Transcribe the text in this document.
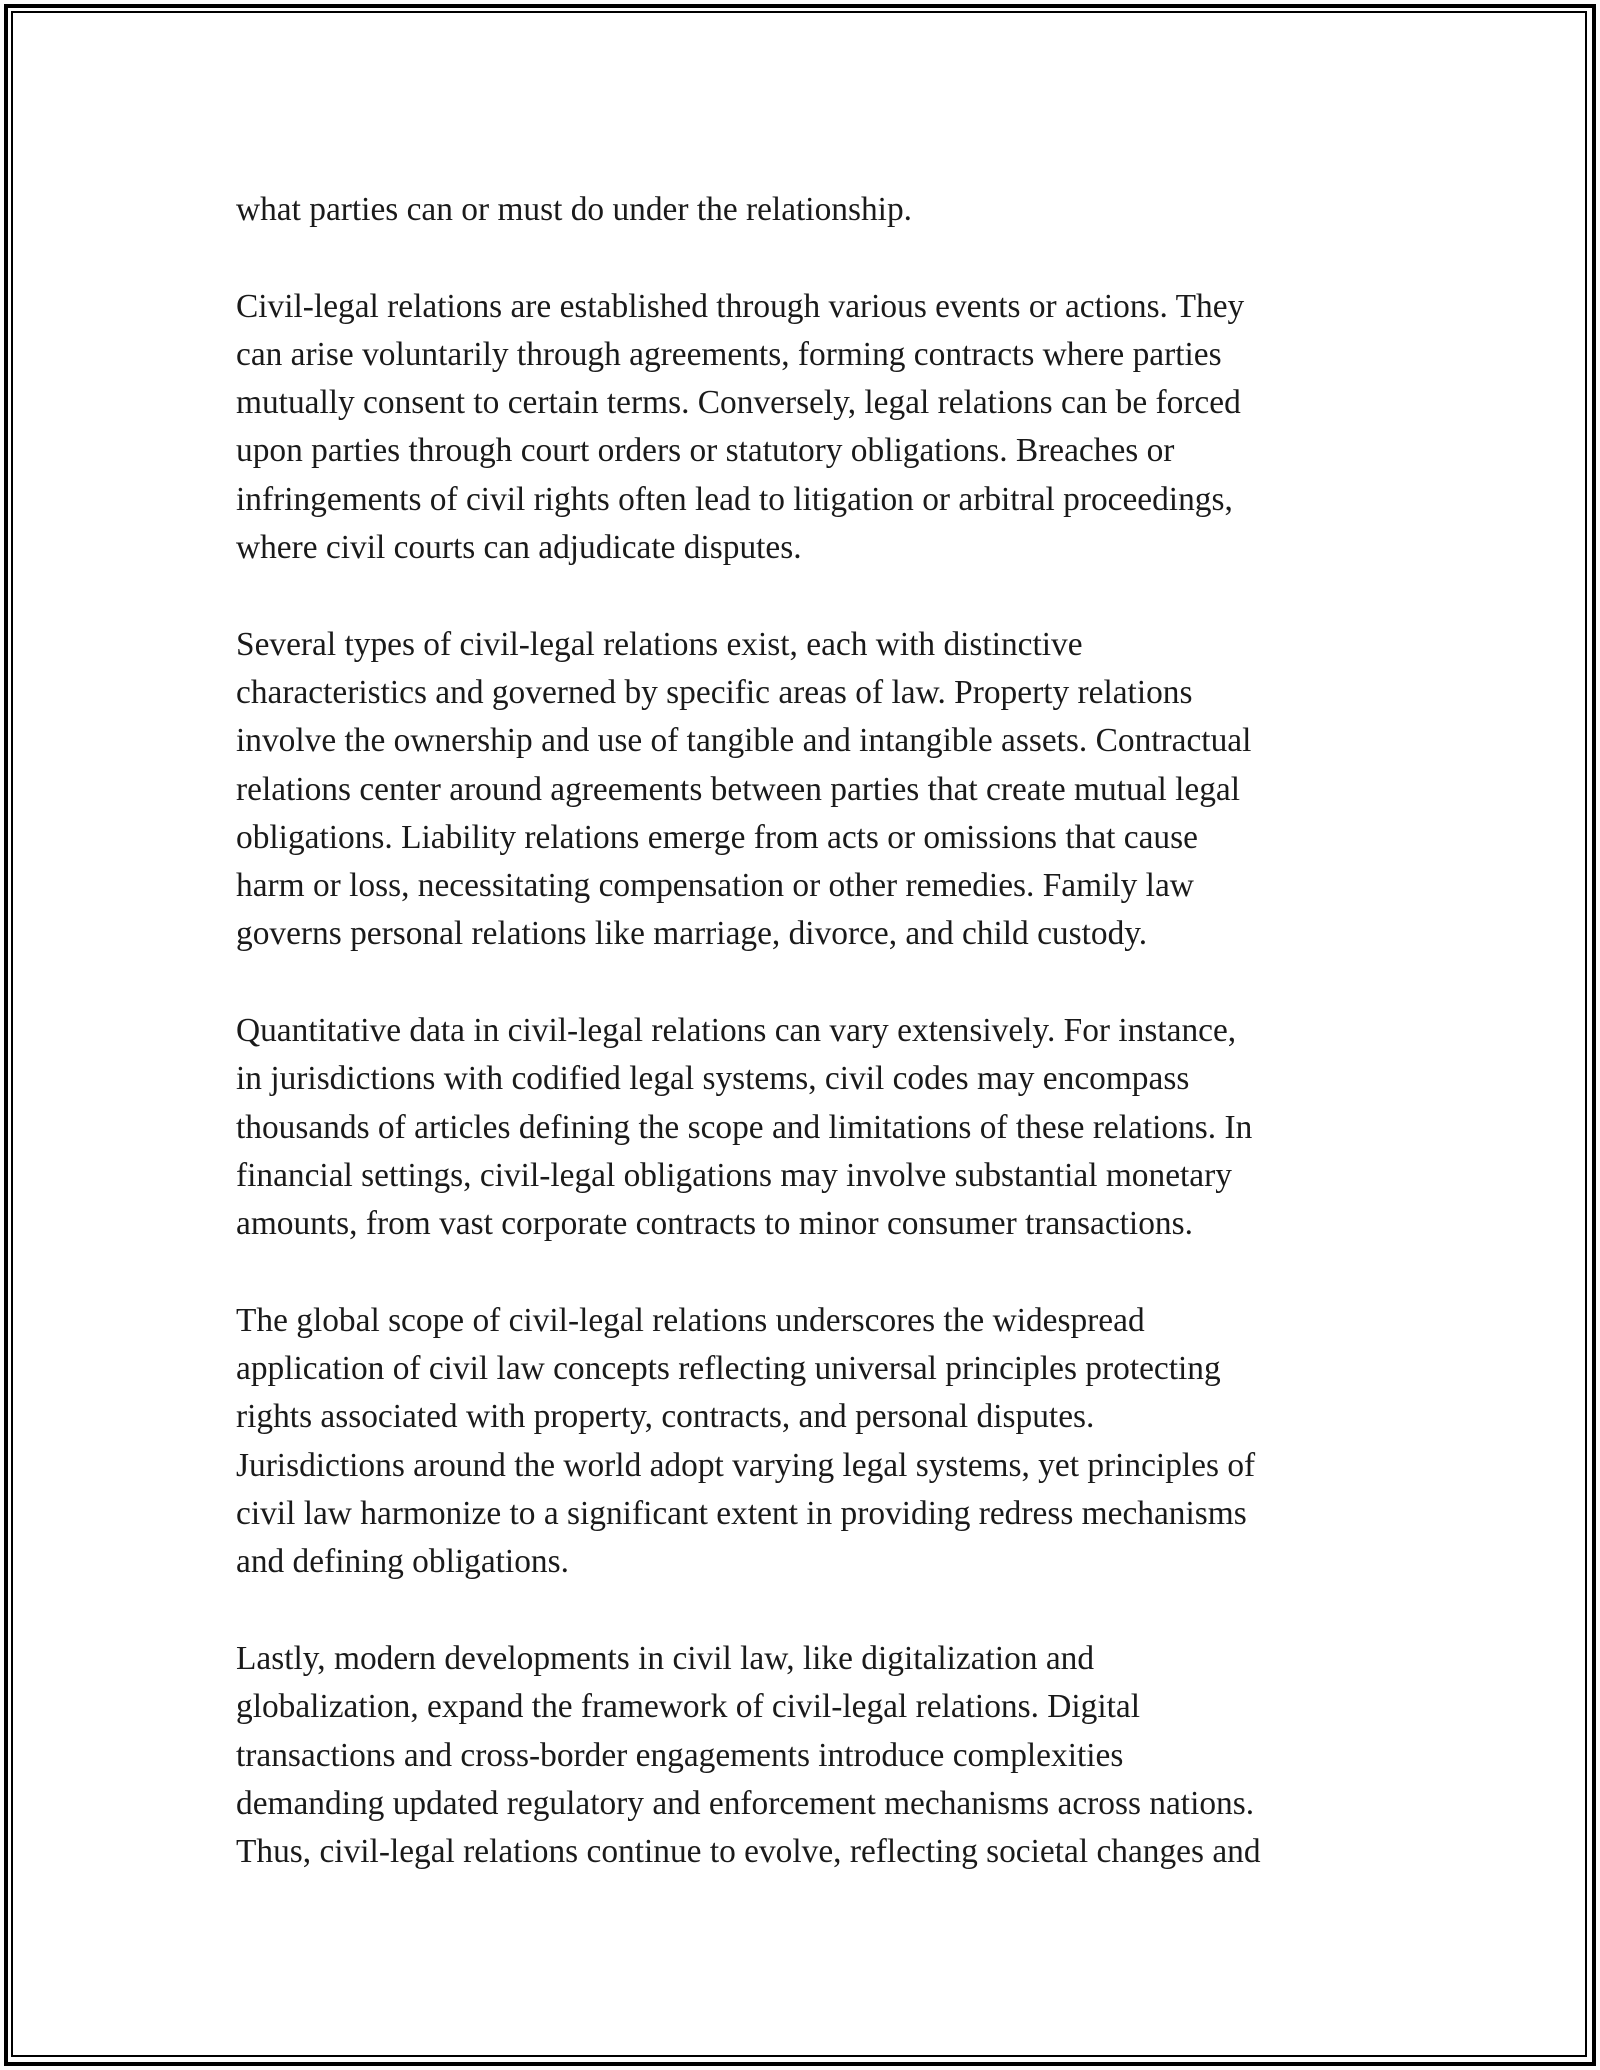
what parties can or must do under the relationship.
Civil-legal relations are established through various events or actions. They
can arise voluntarily through agreements, forming contracts where parties
mutually consent to certain terms. Conversely, legal relations can be forced
upon parties through court orders or statutory obligations. Breaches or
infringements of civil rights often lead to litigation or arbitral proceedings,
where civil courts can adjudicate disputes.
Several types of civil-legal relations exist, each with distinctive
characteristics and governed by specific areas of law. Property relations
involve the ownership and use of tangible and intangible assets. Contractual
relations center around agreements between parties that create mutual legal
obligations. Liability relations emerge from acts or omissions that cause
harm or loss, necessitating compensation or other remedies. Family law
governs personal relations like marriage, divorce, and child custody.
Quantitative data in civil-legal relations can vary extensively. For instance,
in jurisdictions with codified legal systems, civil codes may encompass
thousands of articles defining the scope and limitations of these relations. In
financial settings, civil-legal obligations may involve substantial monetary
amounts, from vast corporate contracts to minor consumer transactions.
The global scope of civil-legal relations underscores the widespread
application of civil law concepts reflecting universal principles protecting
rights associated with property, contracts, and personal disputes.
Jurisdictions around the world adopt varying legal systems, yet principles of
civil law harmonize to a significant extent in providing redress mechanisms
and defining obligations.
Lastly, modern developments in civil law, like digitalization and
globalization, expand the framework of civil-legal relations. Digital
transactions and cross-border engagements introduce complexities
demanding updated regulatory and enforcement mechanisms across nations.
Thus, civil-legal relations continue to evolve, reflecting societal changes and
